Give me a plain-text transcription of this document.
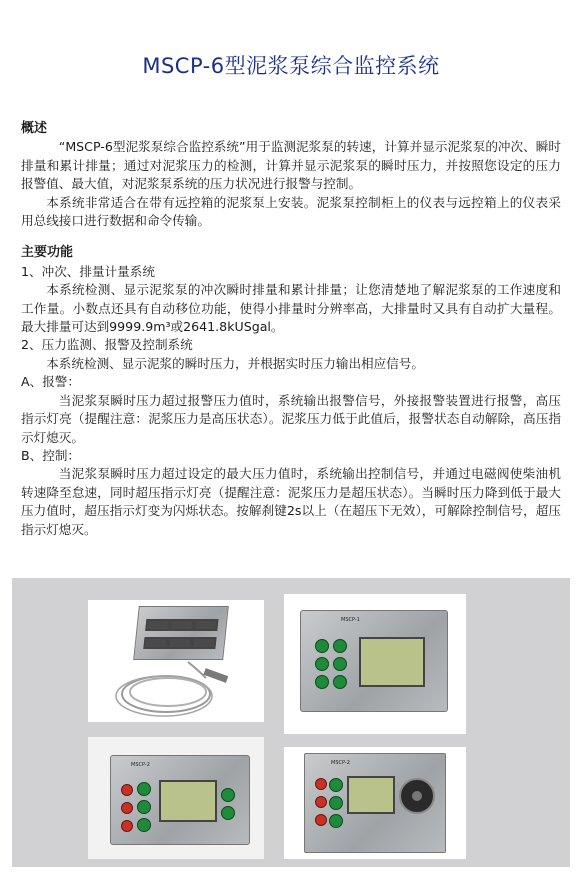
MSCP-6型泥浆泵综合监控系统

概述

“MSCP-6型泥浆泵综合监控系统”用于监测泥浆泵的转速，计算并显示泥浆泵的冲次、瞬时排量和累计排量；通过对泥浆压力的检测，计算并显示泥浆泵的瞬时压力，并按照您设定的压力报警值、最大值，对泥浆泵系统的压力状况进行报警与控制。

本系统非常适合在带有远控箱的泥浆泵上安装。泥浆泵控制柜上的仪表与远控箱上的仪表采用总线接口进行数据和命令传输。

主要功能

1、冲次、排量计量系统

本系统检测、显示泥浆泵的冲次瞬时排量和累计排量；让您清楚地了解泥浆泵的工作速度和工作量。小数点还具有自动移位功能，使得小排量时分辨率高，大排量时又具有自动扩大量程。最大排量可达到9999.9m³或2641.8kUSgal。

2、压力监测、报警及控制系统

本系统检测、显示泥浆的瞬时压力，并根据实时压力输出相应信号。

A、报警：

当泥浆泵瞬时压力超过报警压力值时，系统输出报警信号，外接报警装置进行报警，高压指示灯亮（提醒注意：泥浆压力是高压状态）。泥浆压力低于此值后，报警状态自动解除，高压指示灯熄灭。

B、控制：

当泥浆泵瞬时压力超过设定的最大压力值时，系统输出控制信号，并通过电磁阀使柴油机转速降至怠速，同时超压指示灯亮（提醒注意：泥浆压力是超压状态）。当瞬时压力降到低于最大压力值时，超压指示灯变为闪烁状态。按解刹键2s以上（在超压下无效），可解除控制信号，超压指示灯熄灭。

MSCP-1
MSCP-2	MSCP-2
